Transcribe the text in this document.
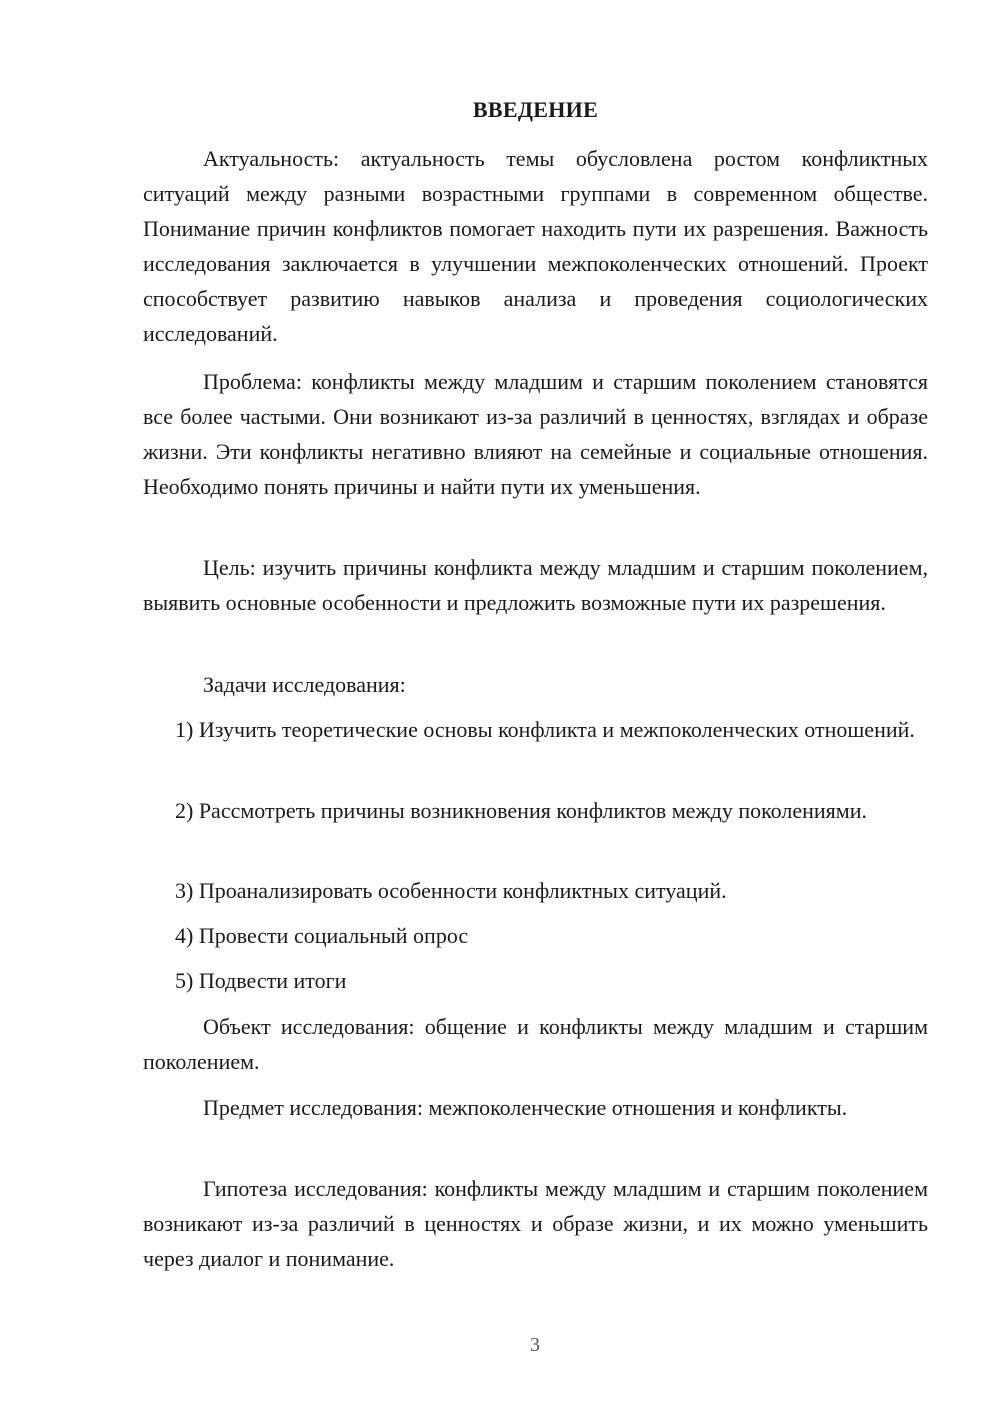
ВВЕДЕНИЕ

Актуальность: актуальность темы обусловлена ростом конфликтных ситуаций между разными возрастными группами в современном обществе. Понимание причин конфликтов помогает находить пути их разрешения. Важность исследования заключается в улучшении межпоколенческих отношений. Проект способствует развитию навыков анализа и проведения социологических исследований.

Проблема: конфликты между младшим и старшим поколением становятся все более частыми. Они возникают из-за различий в ценностях, взглядах и образе жизни. Эти конфликты негативно влияют на семейные и социальные отношения. Необходимо понять причины и найти пути их уменьшения.

Цель: изучить причины конфликта между младшим и старшим поколением, выявить основные особенности и предложить возможные пути их разрешения.

Задачи исследования:

1) Изучить теоретические основы конфликта и межпоколенческих отношений.

2) Рассмотреть причины возникновения конфликтов между поколениями.

3) Проанализировать особенности конфликтных ситуаций.

4) Провести социальный опрос

5) Подвести итоги

Объект исследования: общение и конфликты между младшим и старшим поколением.

Предмет исследования: межпоколенческие отношения и конфликты.

Гипотеза исследования: конфликты между младшим и старшим поколением возникают из-за различий в ценностях и образе жизни, и их можно уменьшить через диалог и понимание.

3
